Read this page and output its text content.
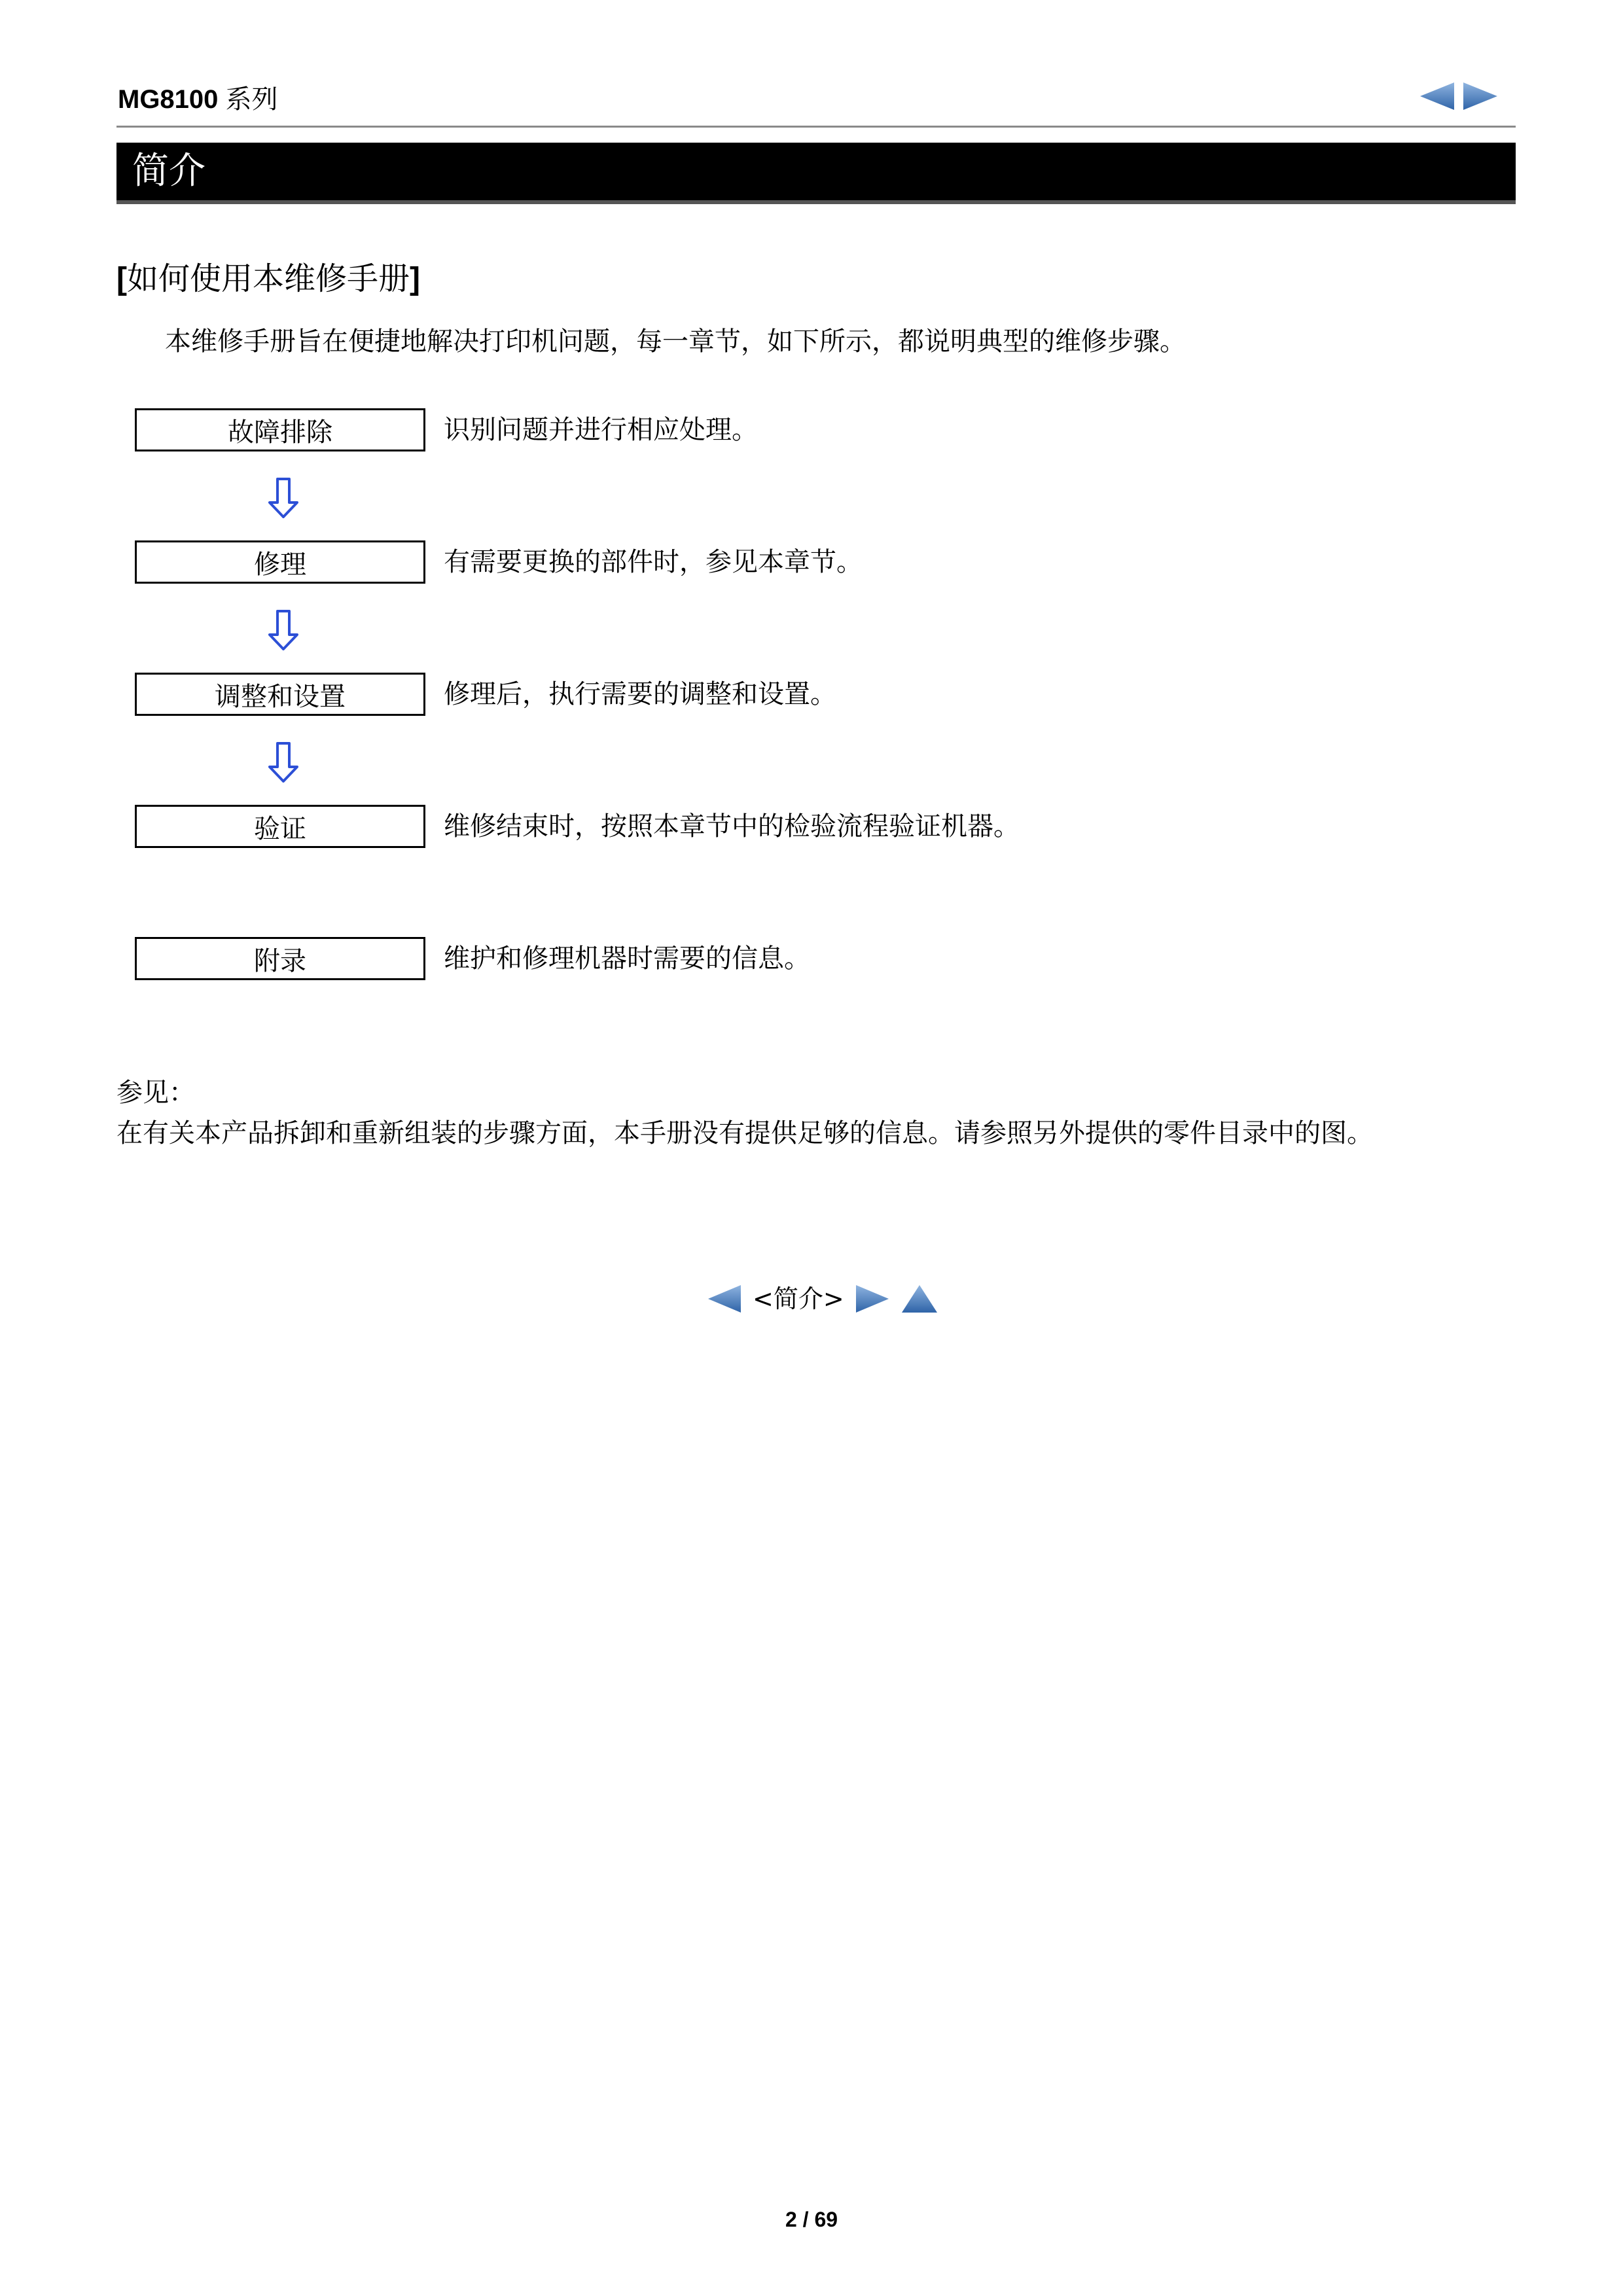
MG8100 系列
简介
[如何使用本维修手册]
本维修手册旨在便捷地解决打印机问题，每一章节，如下所示，都说明典型的维修步骤。
故障排除	识别问题并进行相应处理。
修理	有需要更换的部件时，参见本章节。
调整和设置	修理后，执行需要的调整和设置。
验证	维修结束时，按照本章节中的检验流程验证机器。
附录	维护和修理机器时需要的信息。
参见：
在有关本产品拆卸和重新组装的步骤方面，本手册没有提供足够的信息。请参照另外提供的零件目录中的图。
<简介>
2 / 69
